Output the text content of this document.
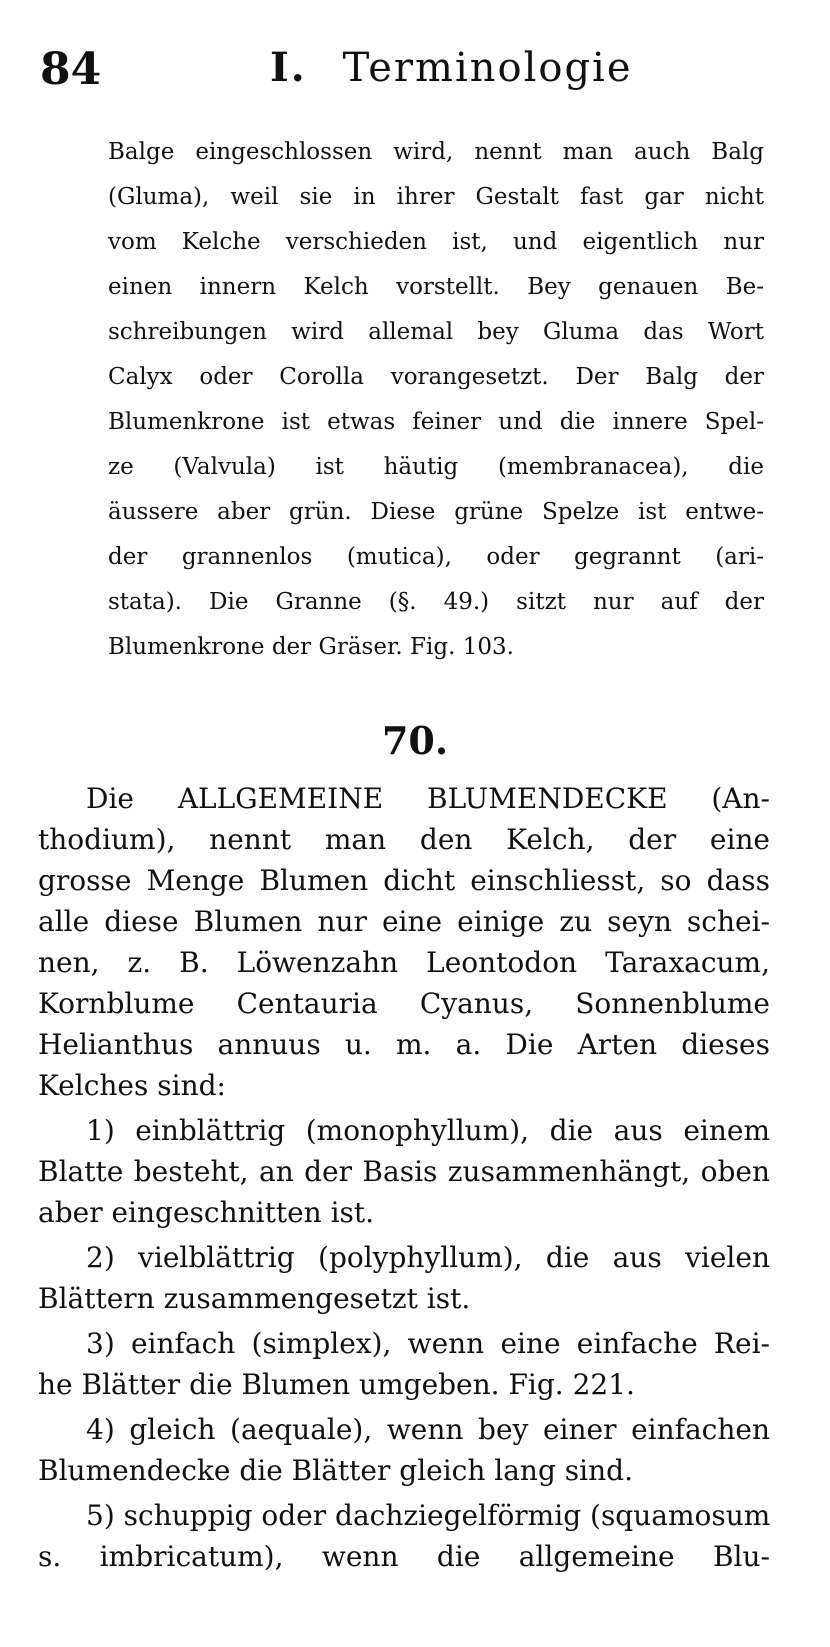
84	I. Terminologie
Balge eingeschlossen wird, nennt man auch Balg
(Gluma), weil sie in ihrer Gestalt fast gar nicht
vom Kelche verschieden ist, und eigentlich nur
einen innern Kelch vorstellt. Bey genauen Be-
schreibungen wird allemal bey Gluma das Wort
Calyx oder Corolla vorangesetzt. Der Balg der
Blumenkrone ist etwas feiner und die innere Spel-
ze (Valvula) ist häutig (membranacea), die
äussere aber grün. Diese grüne Spelze ist entwe-
der grannenlos (mutica), oder gegrannt (ari-
stata). Die Granne (§. 49.) sitzt nur auf der
Blumenkrone der Gräser. Fig. 103.
70.
Die ALLGEMEINE BLUMENDECKE (An-
thodium), nennt man den Kelch, der eine
grosse Menge Blumen dicht einschliesst, so dass
alle diese Blumen nur eine einige zu seyn schei-
nen, z. B. Löwenzahn Leontodon Taraxacum,
Kornblume Centauria Cyanus, Sonnenblume
Helianthus annuus u. m. a. Die Arten dieses
Kelches sind:
1) einblättrig (monophyllum), die aus einem
Blatte besteht, an der Basis zusammenhängt, oben
aber eingeschnitten ist.
2) vielblättrig (polyphyllum), die aus vielen
Blättern zusammengesetzt ist.
3) einfach (simplex), wenn eine einfache Rei-
he Blätter die Blumen umgeben. Fig. 221.
4) gleich (aequale), wenn bey einer einfachen
Blumendecke die Blätter gleich lang sind.
5) schuppig oder dachziegelförmig (squamosum
s. imbricatum), wenn die allgemeine Blu-
